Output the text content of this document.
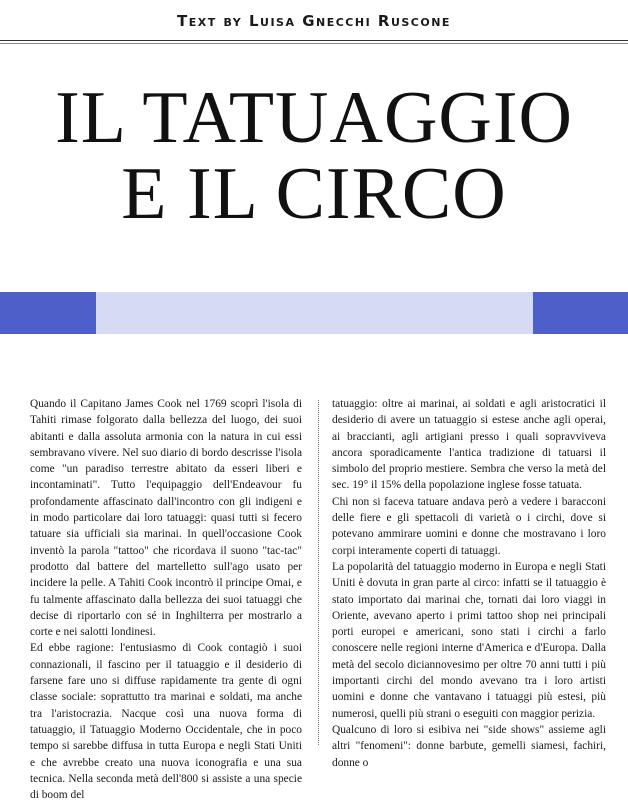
Text by Luisa Gnecchi Ruscone
IL TATUAGGIO
E IL CIRCO

Quando il Capitano James Cook nel 1769 scoprì l'isola di Tahiti rimase folgorato dalla bellezza del luogo, dei suoi abitanti e dalla assoluta armonia con la natura in cui essi sembravano vivere. Nel suo diario di bordo descrisse l'isola come "un paradiso terrestre abitato da esseri liberi e incontaminati". Tutto l'equipaggio dell'Endeavour fu profondamente affascinato dall'incontro con gli indigeni e in modo particolare dai loro tatuaggi: quasi tutti si fecero tatuare sia ufficiali sia marinai. In quell'occasione Cook inventò la parola "tattoo" che ricordava il suono "tac-tac" prodotto dal battere del martelletto sull'ago usato per incidere la pelle. A Tahiti Cook incontrò il principe Omai, e fu talmente affascinato dalla bellezza dei suoi tatuaggi che decise di riportarlo con sé in Inghilterra per mostrarlo a corte e nei salotti londinesi.

Ed ebbe ragione: l'entusiasmo di Cook contagiò i suoi connazionali, il fascino per il tatuaggio e il desiderio di farsene fare uno si diffuse rapidamente tra gente di ogni classe sociale: soprattutto tra marinai e soldati, ma anche tra l'aristocrazia. Nacque così una nuova forma di tatuaggio, il Tatuaggio Moderno Occidentale, che in poco tempo si sarebbe diffusa in tutta Europa e negli Stati Uniti e che avrebbe creato una nuova iconografia e una sua tecnica. Nella seconda metà dell'800 si assiste a una specie di boom del

tatuaggio: oltre ai marinai, ai soldati e agli aristocratici il desiderio di avere un tatuaggio si estese anche agli operai, ai braccianti, agli artigiani presso i quali sopravviveva ancora sporadicamente l'antica tradizione di tatuarsi il simbolo del proprio mestiere. Sembra che verso la metà del sec. 19° il 15% della popolazione inglese fosse tatuata.

Chi non si faceva tatuare andava però a vedere i baracconi delle fiere e gli spettacoli di varietà o i circhi, dove si potevano ammirare uomini e donne che mostravano i loro corpi interamente coperti di tatuaggi.

La popolarità del tatuaggio moderno in Europa e negli Stati Uniti è dovuta in gran parte al circo: infatti se il tatuaggio è stato importato dai marinai che, tornati dai loro viaggi in Oriente, avevano aperto i primi tattoo shop nei principali porti europei e americani, sono stati i circhi a farlo conoscere nelle regioni interne d'America e d'Europa. Dalla metà del secolo diciannovesimo per oltre 70 anni tutti i più importanti circhi del mondo avevano tra i loro artisti uomini e donne che vantavano i tatuaggi più estesi, più numerosi, quelli più strani o eseguiti con maggior perizia.

Qualcuno di loro si esibiva nei "side shows" assieme agli altri "fenomeni": donne barbute, gemelli siamesi, fachiri, donne o
